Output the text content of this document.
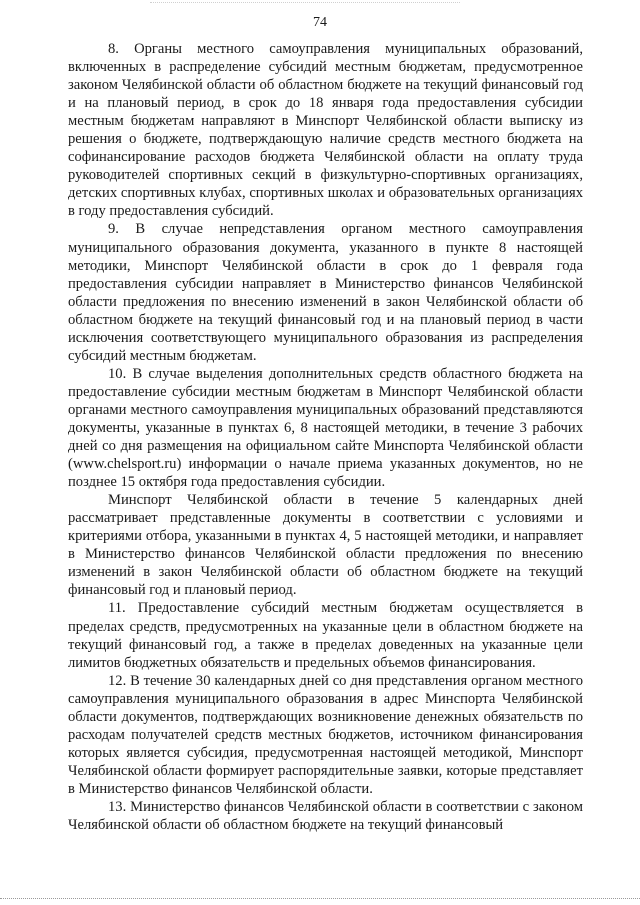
74

8. Органы местного самоуправления муниципальных образований, включенных в распределение субсидий местным бюджетам, предусмотренное законом Челябинской области об областном бюджете на текущий финансовый год и на плановый период, в срок до 18 января года предоставления субсидии местным бюджетам направляют в Минспорт Челябинской области выписку из решения о бюджете, подтверждающую наличие средств местного бюджета на софинансирование расходов бюджета Челябинской области на оплату труда руководителей спортивных секций в физкультурно-спортивных организациях, детских спортивных клубах, спортивных школах и образовательных организациях в году предоставления субсидий.

9. В случае непредставления органом местного самоуправления муниципального образования документа, указанного в пункте 8 настоящей методики, Минспорт Челябинской области в срок до 1 февраля года предоставления субсидии направляет в Министерство финансов Челябинской области предложения по внесению изменений в закон Челябинской области об областном бюджете на текущий финансовый год и на плановый период в части исключения соответствующего муниципального образования из распределения субсидий местным бюджетам.

10. В случае выделения дополнительных средств областного бюджета на предоставление субсидии местным бюджетам в Минспорт Челябинской области органами местного самоуправления муниципальных образований представляются документы, указанные в пунктах 6, 8 настоящей методики, в течение 3 рабочих дней со дня размещения на официальном сайте Минспорта Челябинской области (www.chelsport.ru) информации о начале приема указанных документов, но не позднее 15 октября года предоставления субсидии.

Минспорт Челябинской области в течение 5 календарных дней рассматривает представленные документы в соответствии с условиями и критериями отбора, указанными в пунктах 4, 5 настоящей методики, и направляет в Министерство финансов Челябинской области предложения по внесению изменений в закон Челябинской области об областном бюджете на текущий финансовый год и плановый период.

11. Предоставление субсидий местным бюджетам осуществляется в пределах средств, предусмотренных на указанные цели в областном бюджете на текущий финансовый год, а также в пределах доведенных на указанные цели лимитов бюджетных обязательств и предельных объемов финансирования.

12. В течение 30 календарных дней со дня представления органом местного самоуправления муниципального образования в адрес Минспорта Челябинской области документов, подтверждающих возникновение денежных обязательств по расходам получателей средств местных бюджетов, источником финансирования которых является субсидия, предусмотренная настоящей методикой, Минспорт Челябинской области формирует распорядительные заявки, которые представляет в Министерство финансов Челябинской области.

13. Министерство финансов Челябинской области в соответствии с законом Челябинской области об областном бюджете на текущий финансовый
